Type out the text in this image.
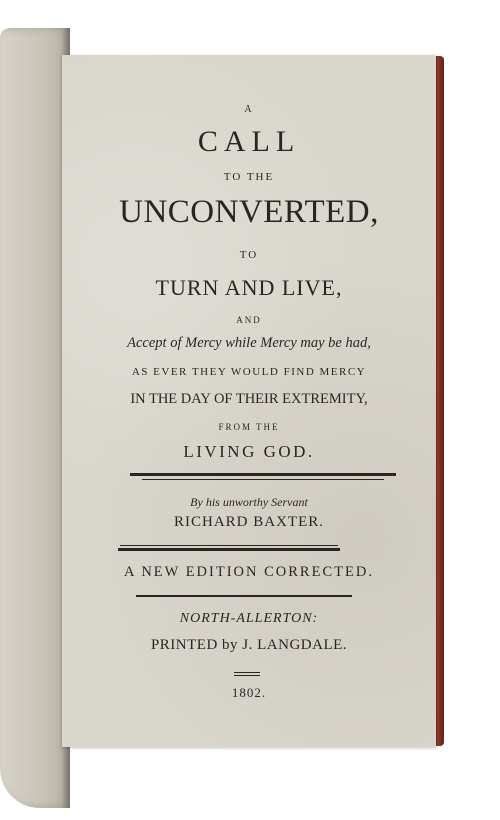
A
CALL
TO THE
UNCONVERTED,
TO
TURN AND LIVE,
AND
Accept of Mercy while Mercy may be had,
AS EVER THEY WOULD FIND MERCY
IN THE DAY OF THEIR EXTREMITY,
FROM THE
LIVING GOD.
By his unworthy Servant
RICHARD BAXTER.
A NEW EDITION CORRECTED.
NORTH-ALLERTON:
PRINTED by J. LANGDALE.
1802.
